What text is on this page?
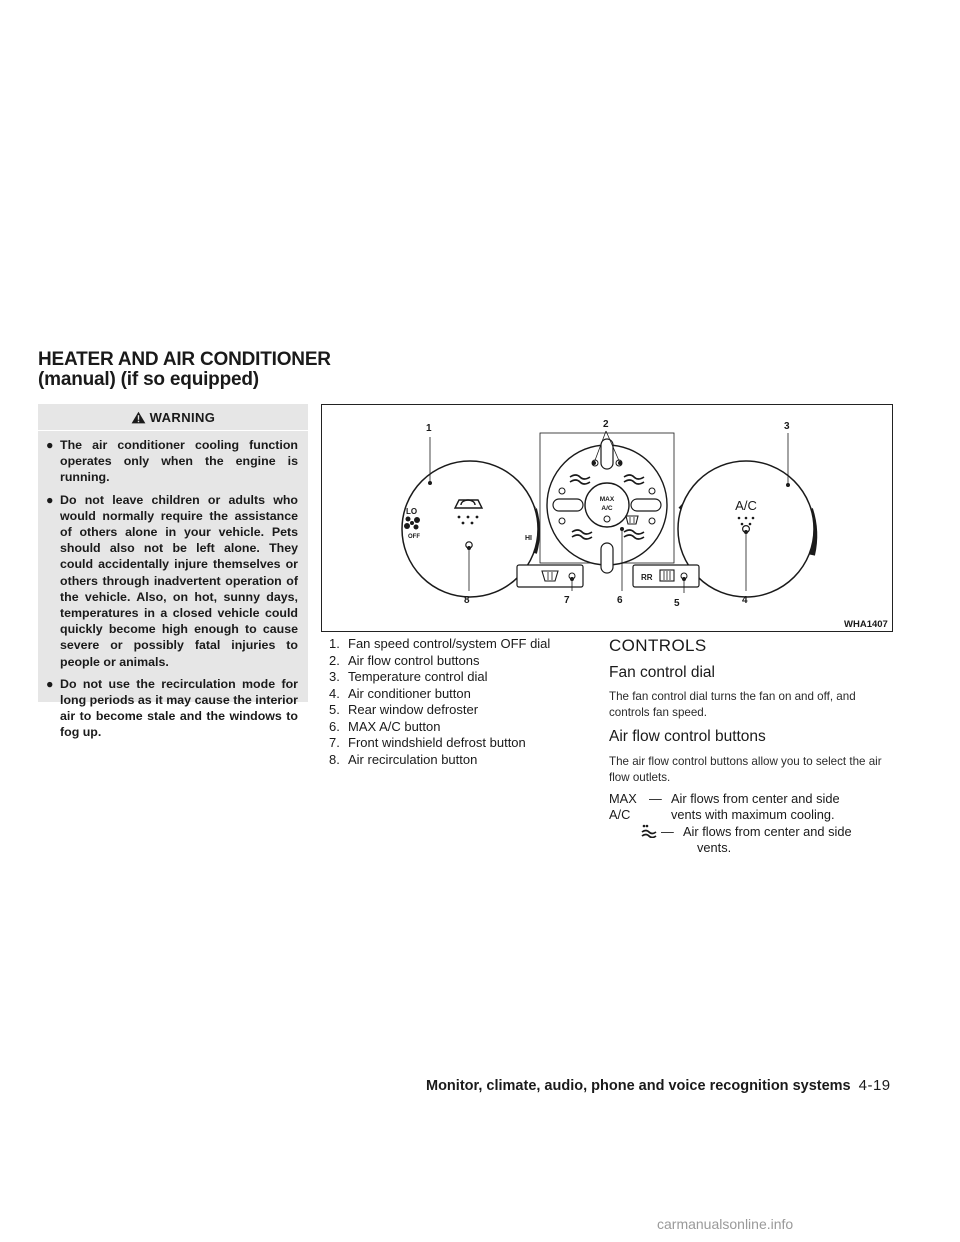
HEATER AND AIR CONDITIONER
(manual) (if so equipped)
WARNING
● The air conditioner cooling function operates only when the engine is running.
● Do not leave children or adults who would normally require the assistance of others alone in your vehicle. Pets should also not be left alone. They could accidentally injure themselves or others through inadvertent operation of the vehicle. Also, on hot, sunny days, temperatures in a closed vehicle could quickly become high enough to cause severe or possibly fatal injuries to people or animals.
● Do not use the recirculation mode for long periods as it may cause the interior air to become stale and the windows to fog up.
LO
OFF	HI
MAX
A/C	A/C
RR
1	2	3
4
5
6
7
8
WHA1407
1. Fan speed control/system OFF dial
2. Air flow control buttons
3. Temperature control dial
4. Air conditioner button
5. Rear window defroster
6. MAX A/C button
7. Front windshield defrost button
8. Air recirculation button
CONTROLS
Fan control dial
The fan control dial turns the fan on and off, and controls fan speed.
Air flow control buttons
The air flow control buttons allow you to select the air flow outlets.
MAX
A/C
— Air flows from center and side
vents with maximum cooling.
— Air flows from center and side
vents.
Monitor, climate, audio, phone and voice recognition systems 4-19
carmanualsonline.info
